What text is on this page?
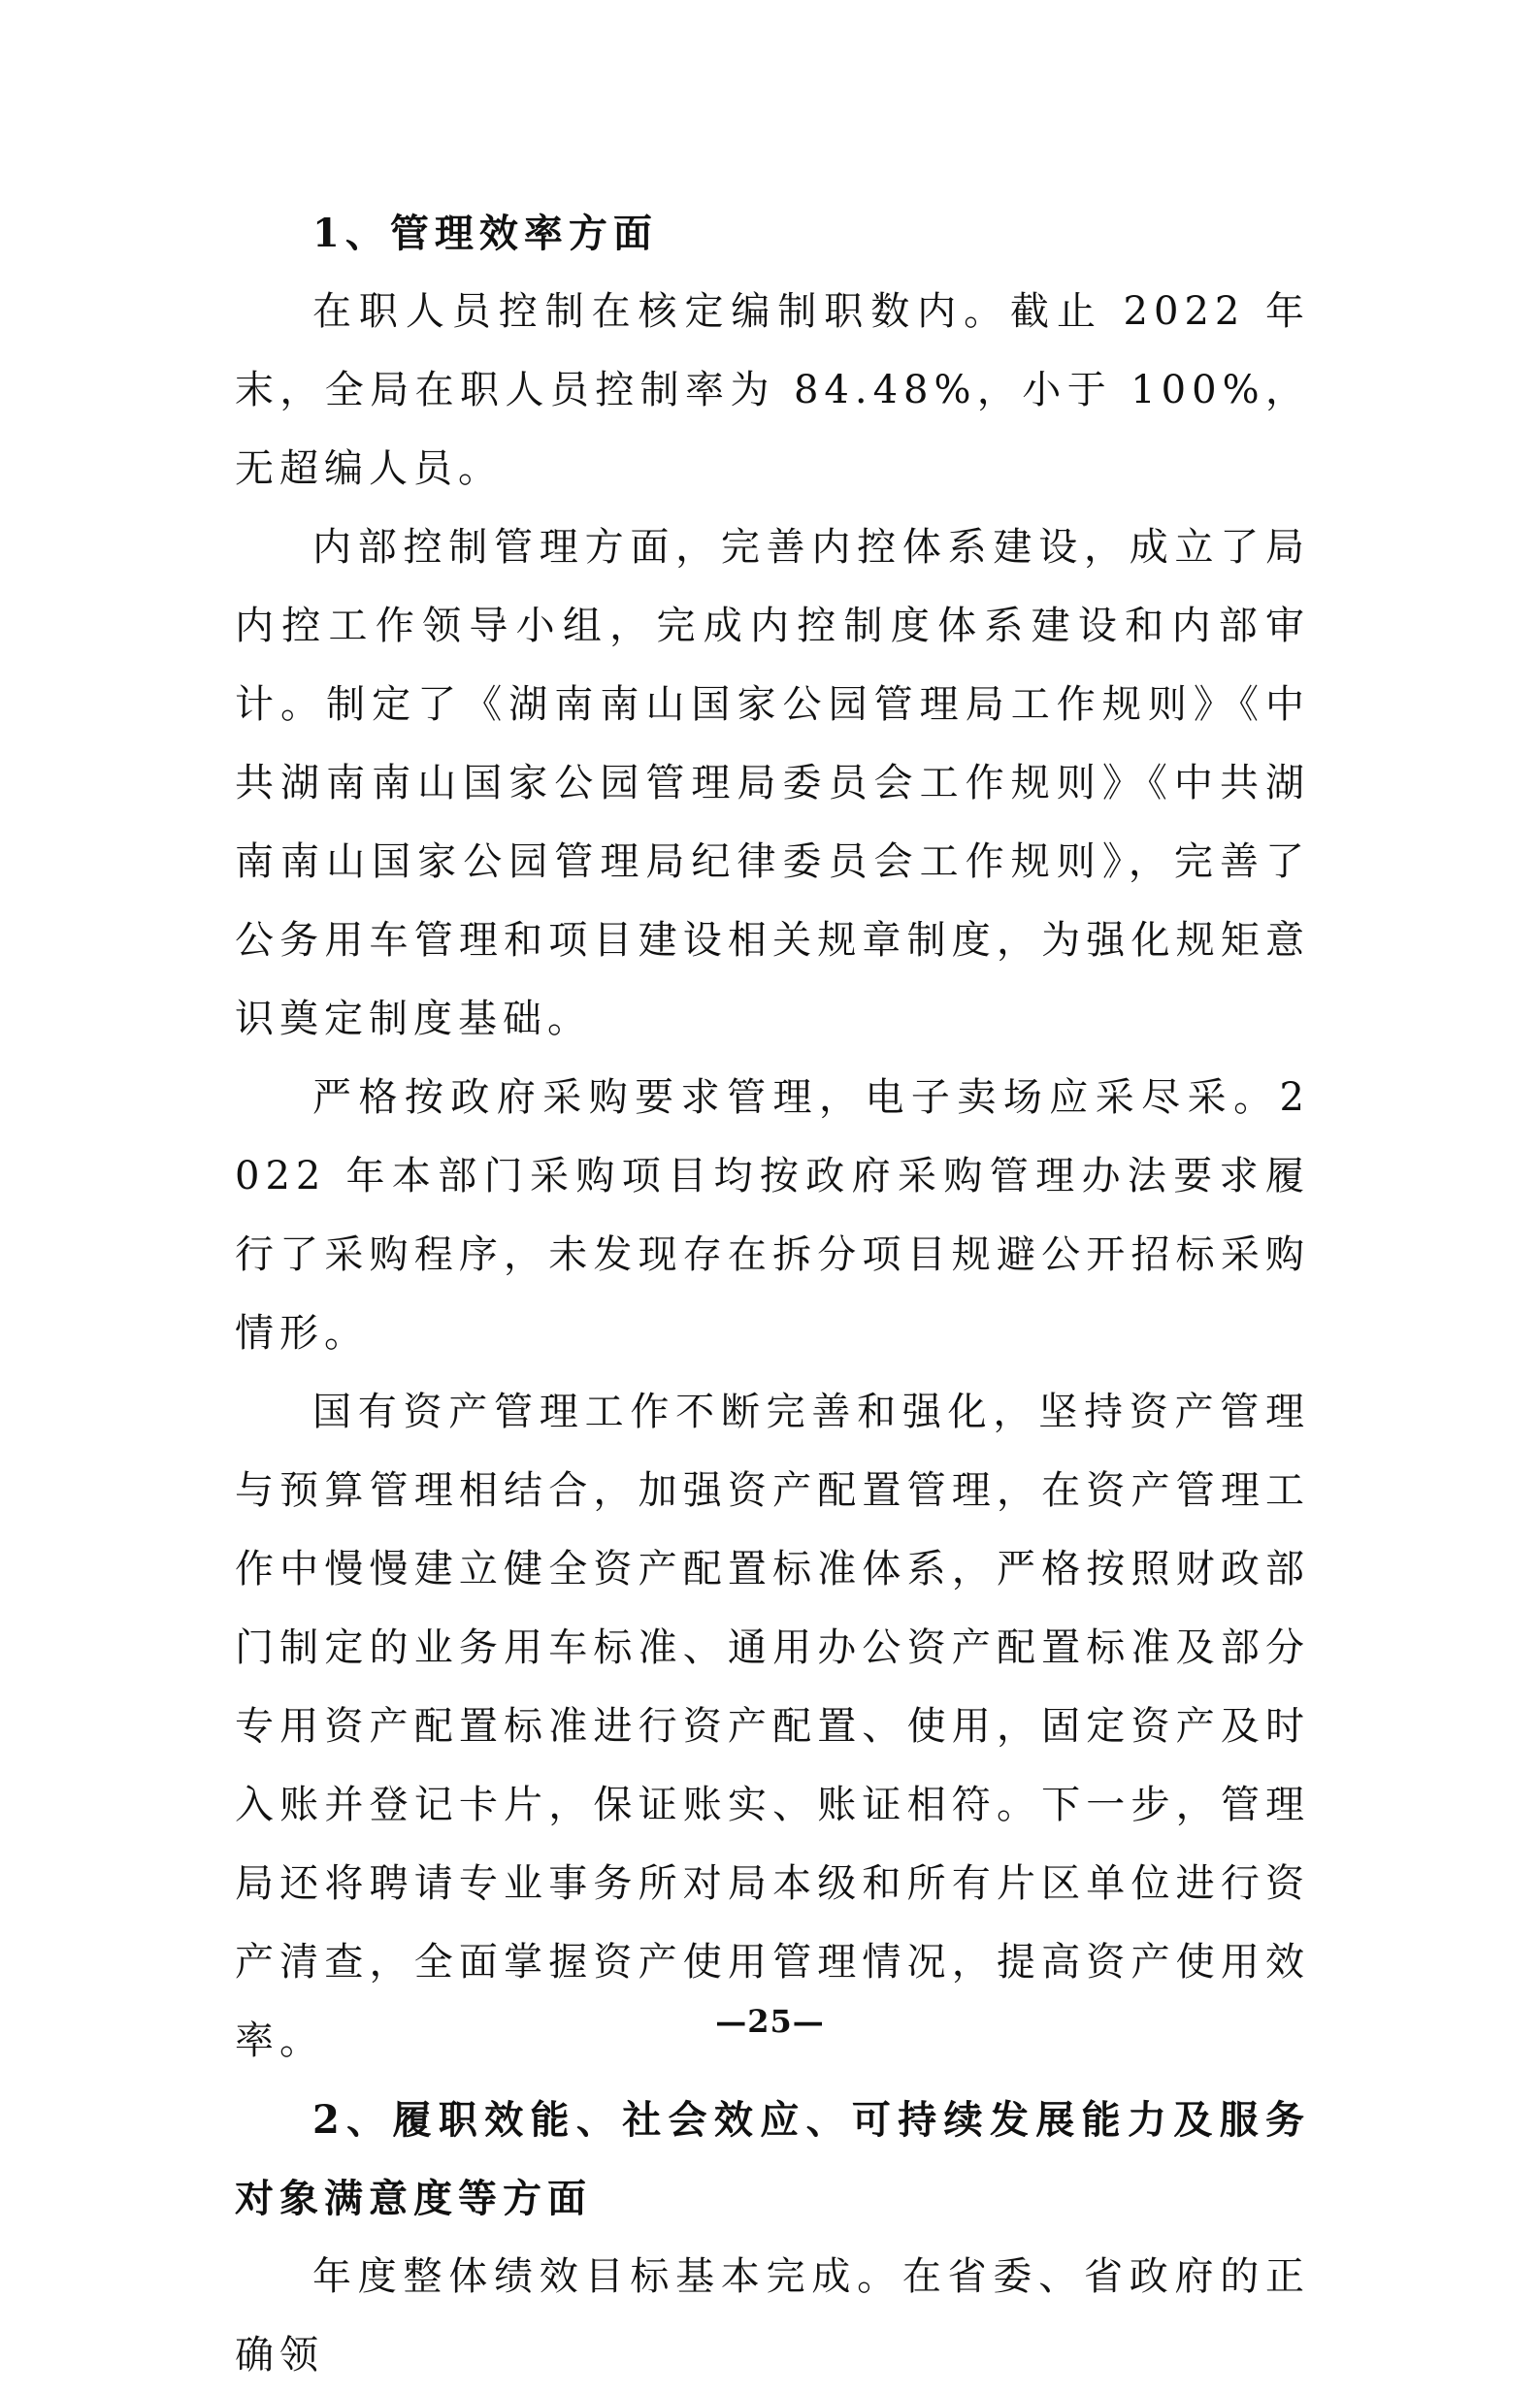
1、管理效率方面

在职人员控制在核定编制职数内。截止 2022 年末，全局在职人员控制率为 84.48%，小于 100%，无超编人员。

内部控制管理方面，完善内控体系建设，成立了局内控工作领导小组，完成内控制度体系建设和内部审计。制定了《湖南南山国家公园管理局工作规则》《中共湖南南山国家公园管理局委员会工作规则》《中共湖南南山国家公园管理局纪律委员会工作规则》，完善了公务用车管理和项目建设相关规章制度，为强化规矩意识奠定制度基础。

严格按政府采购要求管理，电子卖场应采尽采。2022 年本部门采购项目均按政府采购管理办法要求履行了采购程序，未发现存在拆分项目规避公开招标采购情形。

国有资产管理工作不断完善和强化，坚持资产管理与预算管理相结合，加强资产配置管理，在资产管理工作中慢慢建立健全资产配置标准体系，严格按照财政部门制定的业务用车标准、通用办公资产配置标准及部分专用资产配置标准进行资产配置、使用，固定资产及时入账并登记卡片，保证账实、账证相符。下一步，管理局还将聘请专业事务所对局本级和所有片区单位进行资产清查，全面掌握资产使用管理情况，提高资产使用效率。

2、履职效能、社会效应、可持续发展能力及服务对象满意度等方面

年度整体绩效目标基本完成。在省委、省政府的正确领

—25—
